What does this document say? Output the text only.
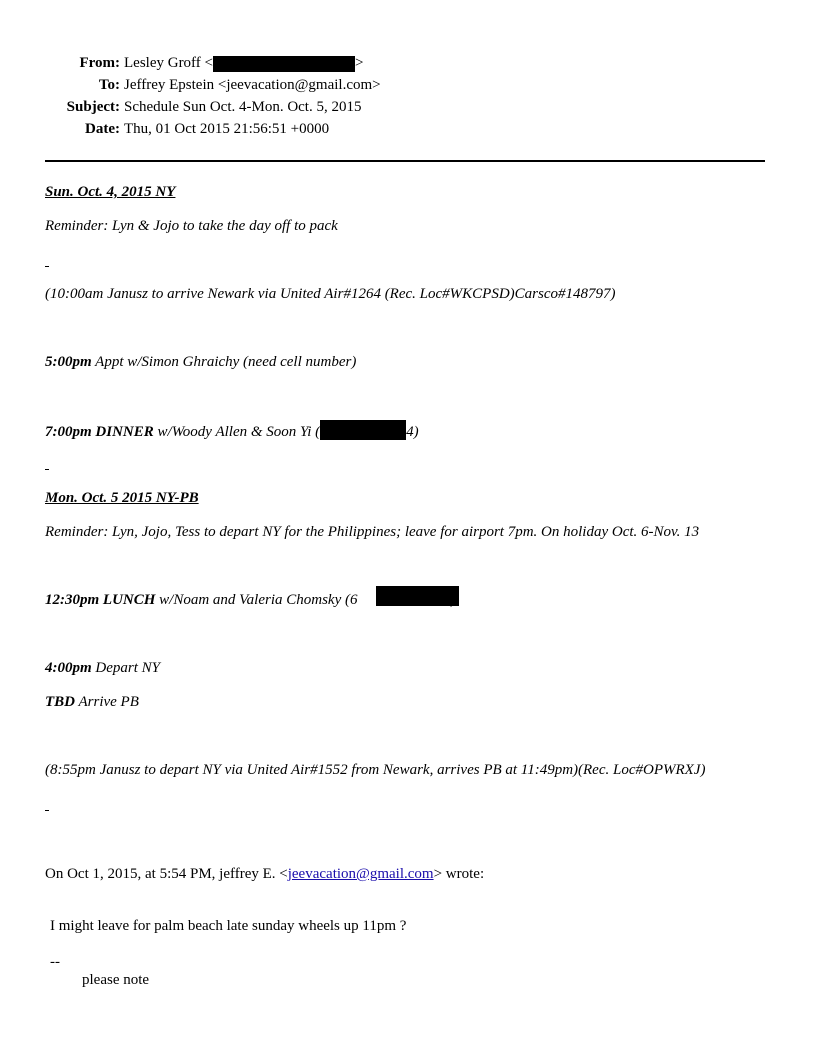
From: Lesley Groff <	>
To: Jeffrey Epstein <jeevacation@gmail.com>
Subject: Schedule Sun Oct. 4-Mon. Oct. 5, 2015
Date: Thu, 01 Oct 2015 21:56:51 +0000
Sun. Oct. 4, 2015 NY
Reminder: Lyn & Jojo to take the day off to pack
(10:00am Janusz to arrive Newark via United Air#1264 (Rec. Loc#WKCPSD)Carsco#148797)
5:00pm Appt w/Simon Ghraichy (need cell number)
7:00pm DINNER w/Woody Allen & Soon Yi (	4)
Mon. Oct. 5 2015 NY-PB
Reminder: Lyn, Jojo, Tess to depart NY for the Philippines; leave for airport 7pm. On holiday Oct. 6-Nov. 13
12:30pm LUNCH w/Noam and Valeria Chomsky (6
4:00pm Depart NY
TBD Arrive PB
(8:55pm Janusz to depart NY via United Air#1552 from Newark, arrives PB at 11:49pm)(Rec. Loc#OPWRXJ)
On Oct 1, 2015, at 5:54 PM, jeffrey E. <jeevacation@gmail.com> wrote:
I might leave for palm beach late sunday wheels up 11pm ?
--
please note
